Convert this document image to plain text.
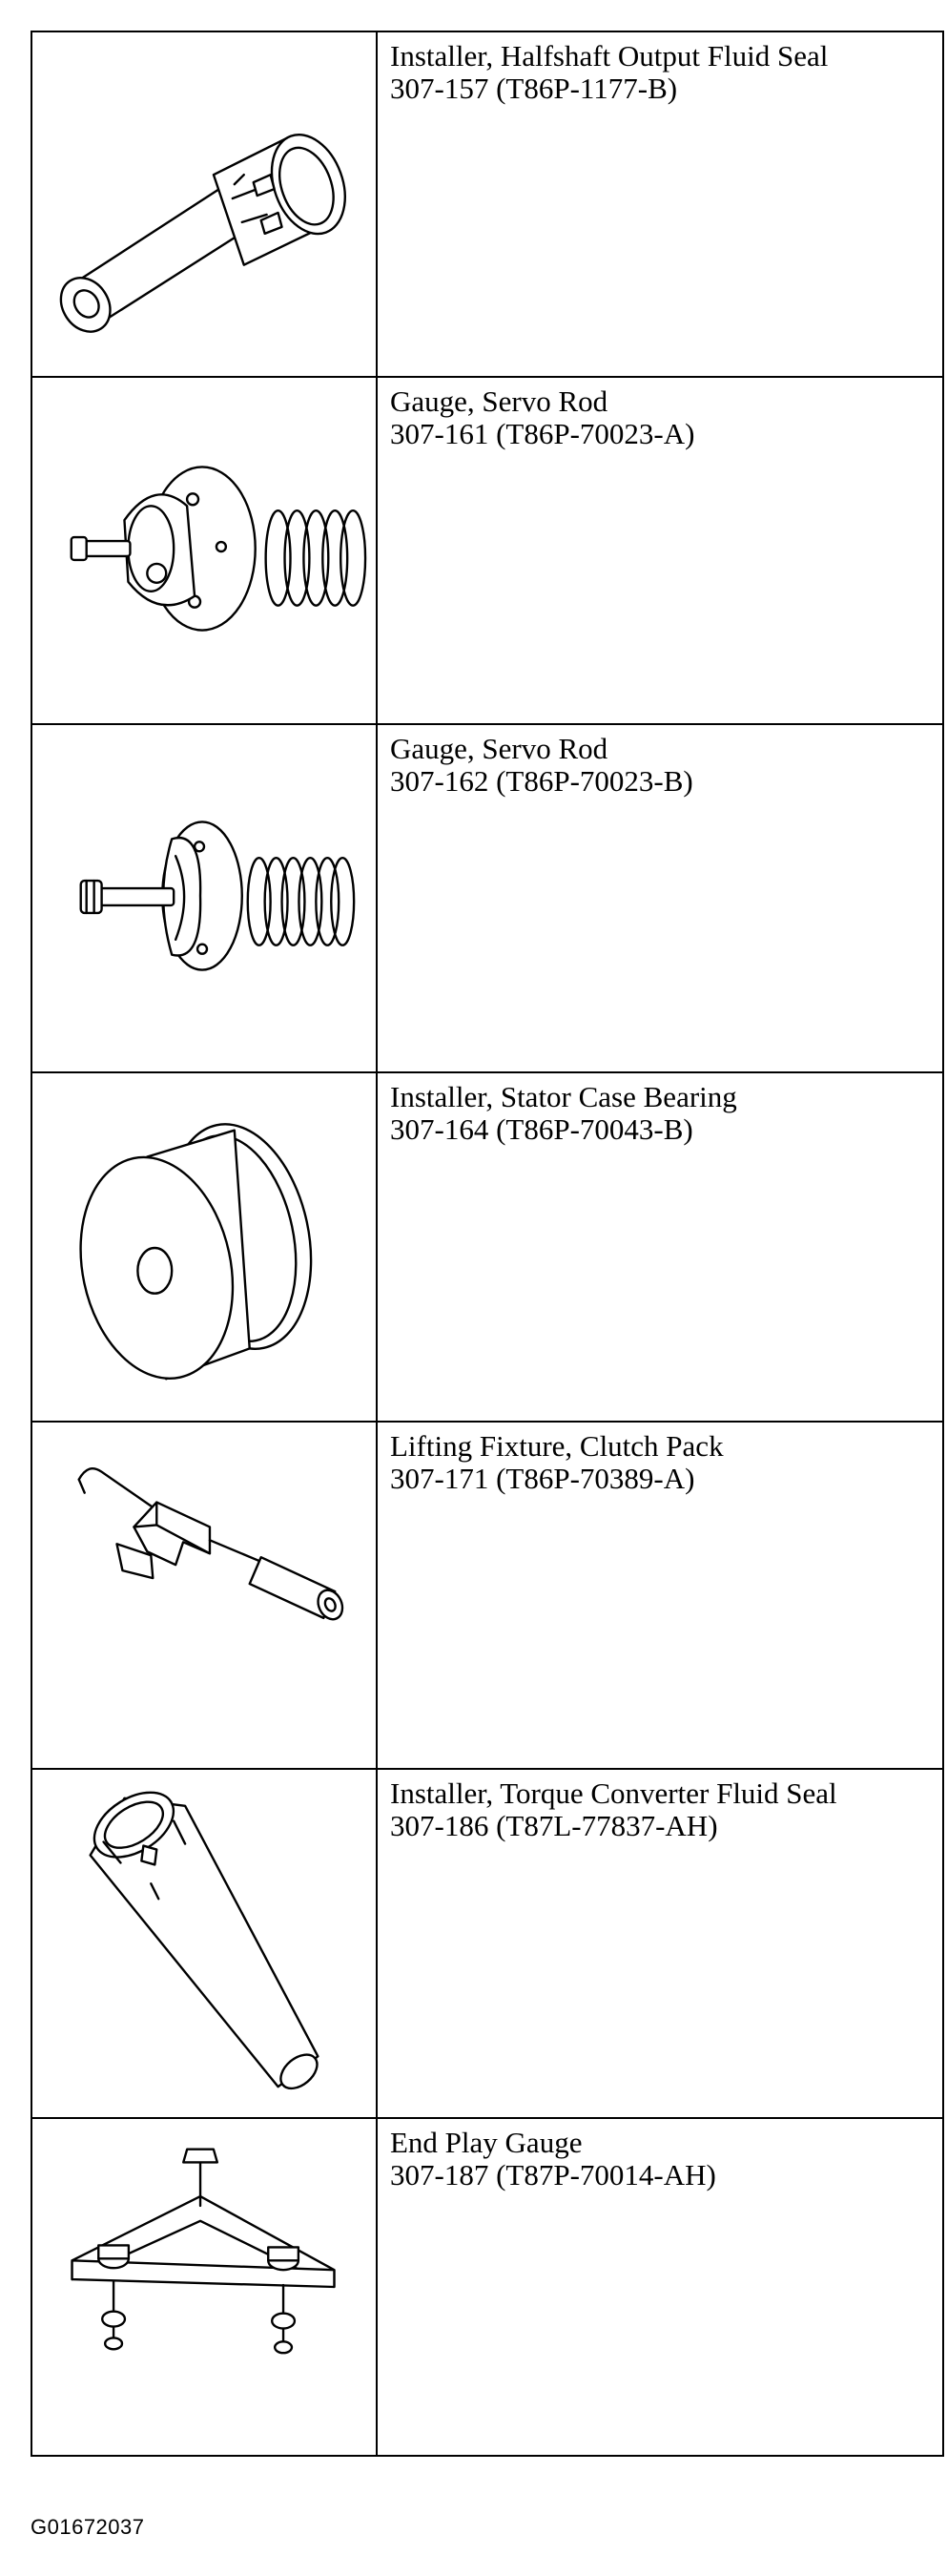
Installer, Halfshaft Output Fluid Seal
307-157 (T86P-1177-B)
Gauge, Servo Rod
307-161 (T86P-70023-A)
Gauge, Servo Rod
307-162 (T86P-70023-B)
Installer, Stator Case Bearing
307-164 (T86P-70043-B)
Lifting Fixture, Clutch Pack
307-171 (T86P-70389-A)
Installer, Torque Converter Fluid Seal
307-186 (T87L-77837-AH)
End Play Gauge
307-187 (T87P-70014-AH)
G01672037
